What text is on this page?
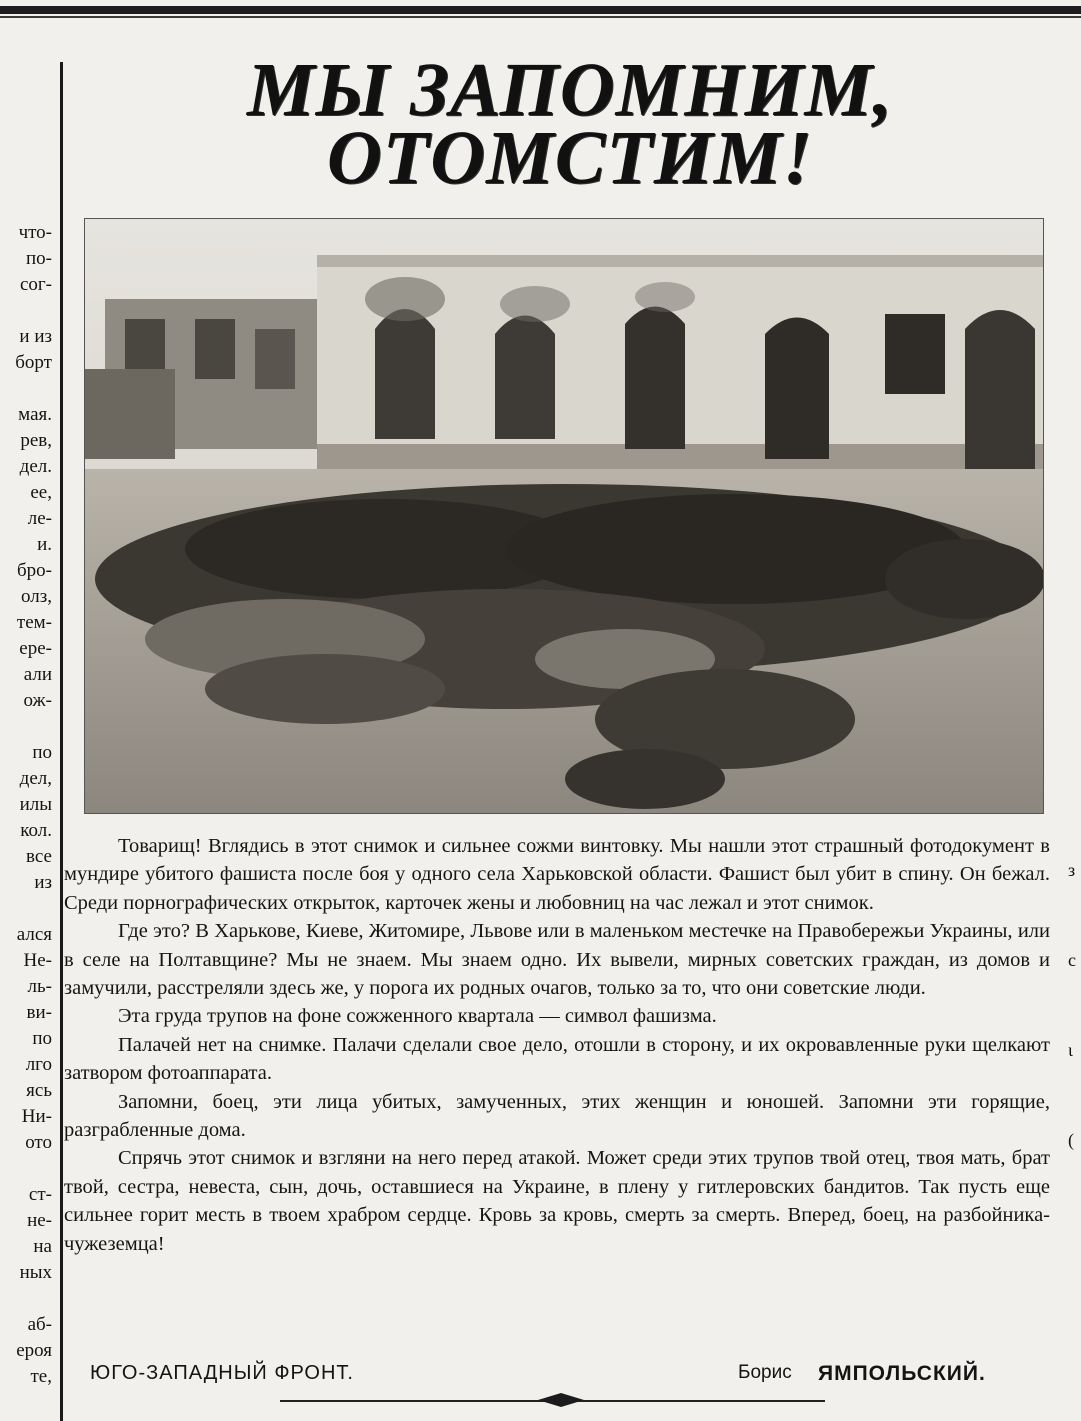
что-
по-
сог-
и из
борт
мая.
рев,
дел.
ее,
ле-
и.
бро-
олз,
тем-
ере-
али
ож-
по
дел,
илы
кол.
все
из
ался
Не-
ль-
ви-
по
лго
ясь
Ни-
ото
ст-
не-
на
ных
аб-
ероя
те,
з
с
ι
(
МЫ ЗАПОМНИМ,
ОТОМСТИМ!

Товарищ! Вглядись в этот снимок и сильнее сожми винтовку. Мы нашли этот страшный фотодокумент в мундире убитого фашиста после боя у одного села Харьковской области. Фашист был убит в спину. Он бежал. Среди порнографических открыток, карточек жены и любовниц на час лежал и этот снимок.

Где это? В Харькове, Киеве, Житомире, Львове или в маленьком местечке на Правобережьи Украины, или в селе на Полтавщине? Мы не знаем. Мы знаем одно. Их вывели, мирных советских граждан, из домов и замучили, расстреляли здесь же, у порога их родных очагов, только за то, что они советские люди.

Эта груда трупов на фоне сожженного квартала — символ фашизма.

Палачей нет на снимке. Палачи сделали свое дело, отошли в сторону, и их окровавленные руки щелкают затвором фотоаппарата.

Запомни, боец, эти лица убитых, замученных, этих женщин и юношей. Запомни эти горящие, разграбленные дома.

Спрячь этот снимок и взгляни на него перед атакой. Может среди этих трупов твой отец, твоя мать, брат твой, сестра, невеста, сын, дочь, оставшиеся на Украине, в плену у гитлеровских бандитов. Так пусть еще сильнее горит месть в твоем храбром сердце. Кровь за кровь, смерть за смерть. Вперед, боец, на разбойника-чужеземца!

ЮГО-ЗАПАДНЫЙ ФРОНТ.	Борис ЯМПОЛЬСКИЙ.
